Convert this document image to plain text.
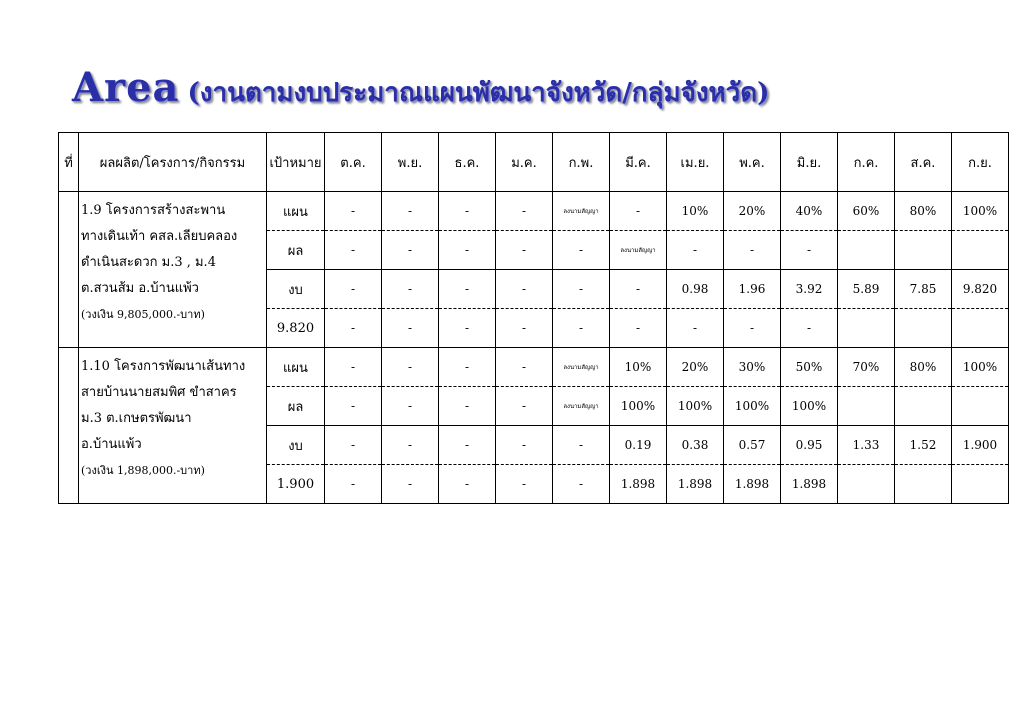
Area (งานตามงบประมาณแผนพัฒนาจังหวัด/กลุ่มจังหวัด)
ที่	ผลผลิต/โครงการ/กิจกรรม	เป้าหมาย	ต.ค.	พ.ย.	ธ.ค.	ม.ค.	ก.พ.	มี.ค.	เม.ย.	พ.ค.	มิ.ย.	ก.ค.	ส.ค.	ก.ย.

	1.9 โครงการสร้างสะพาน
ทางเดินเท้า คสล.เลียบคลอง
ดำเนินสะดวก ม.3 , ม.4
ต.สวนส้ม อ.บ้านแพ้ว
(วงเงิน 9,805,000.-บาท)	แผน	-	-	-	-	ลงนามสัญญา	-	10%	20%	40%	60%	80%	100%
		ผล	-	-	-	-	-	ลงนามสัญญา	-	-	-			
		งบ	-	-	-	-	-	-	0.98	1.96	3.92	5.89	7.85	9.820
		9.820	-	-	-	-	-	-	-	-	-			

	1.10 โครงการพัฒนาเส้นทาง
สายบ้านนายสมพิศ ขำสาคร
ม.3 ต.เกษตรพัฒนา
อ.บ้านแพ้ว
(วงเงิน 1,898,000.-บาท)	แผน	-	-	-	-	ลงนามสัญญา	10%	20%	30%	50%	70%	80%	100%
		ผล	-	-	-	-	ลงนามสัญญา	100%	100%	100%	100%			
		งบ	-	-	-	-	-	0.19	0.38	0.57	0.95	1.33	1.52	1.900
		1.900	-	-	-	-	-	1.898	1.898	1.898	1.898			
